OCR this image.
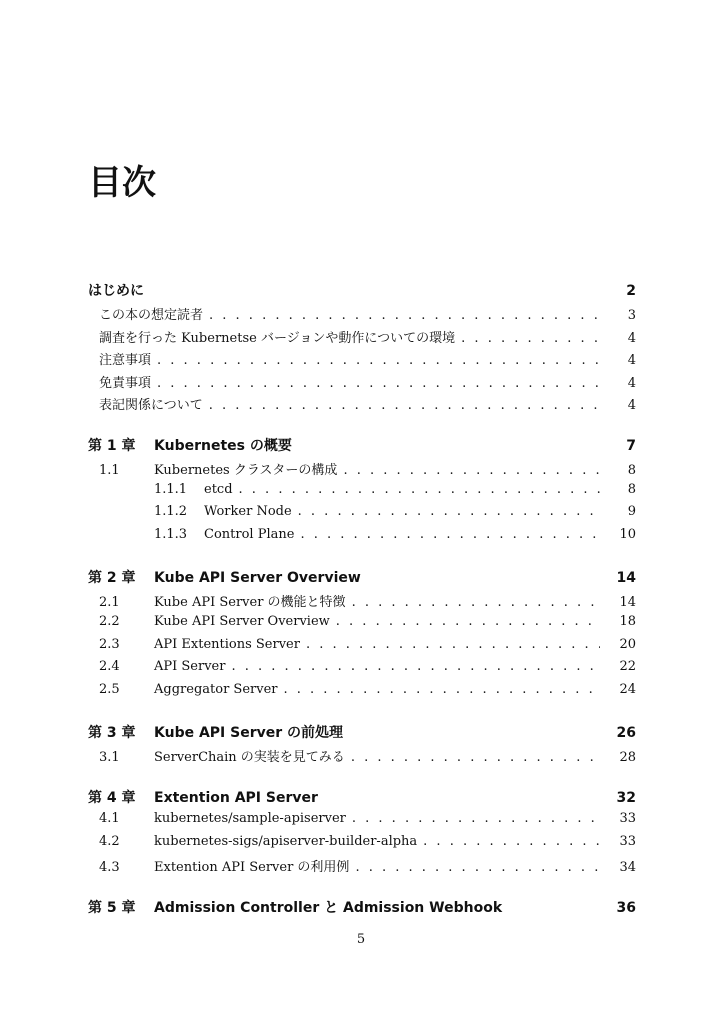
目次
はじめに	2
この本の想定読者 . . .	3
調査を行った Kubernetse バージョンや動作についての環境 . . .	4
注意事項 . . .	4
免責事項 . . .	4
表記関係について . . .	4
第 1 章	Kubernetes の概要	7
1.1	Kubernetes クラスターの構成 . . .	8
1.1.1	etcd . . .	8
1.1.2	Worker Node . . .	9
1.1.3	Control Plane . . .	10
第 2 章	Kube API Server Overview	14
2.1	Kube API Server の機能と特徴 . . .	14
2.2	Kube API Server Overview . . .	18
2.3	API Extentions Server . . .	20
2.4	API Server . . .	22
2.5	Aggregator Server . . .	24
第 3 章	Kube API Server の前処理	26
3.1	ServerChain の実装を見てみる . . .	28
第 4 章	Extention API Server	32
4.1	kubernetes/sample-apiserver . . .	33
4.2	kubernetes-sigs/apiserver-builder-alpha . . .	33
4.3	Extention API Server の利用例 . . .	34
第 5 章	Admission Controller と Admission Webhook	36
5
